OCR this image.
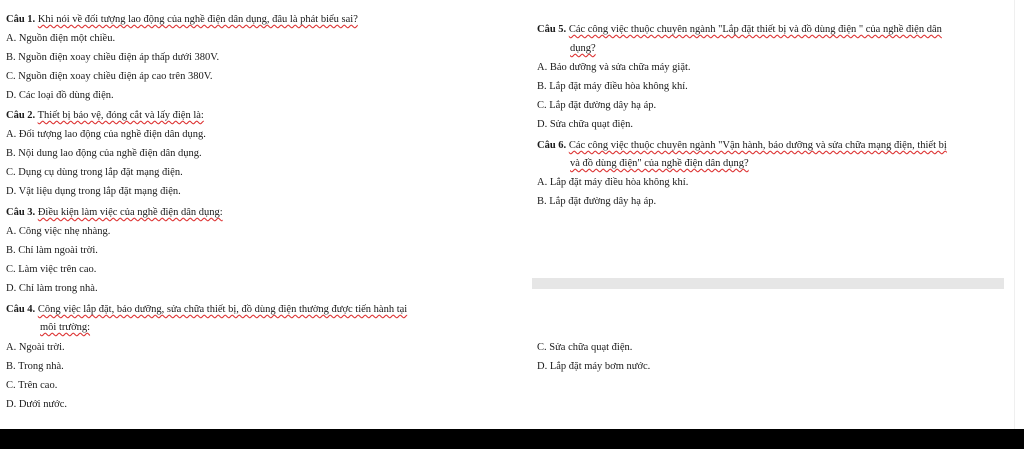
Câu 1. Khi nói về đối tượng lao động của nghề điện dân dụng, đâu là phát biểu sai?
A. Nguồn điện một chiều.
B. Nguồn điện xoay chiều điện áp thấp dưới 380V.
C. Nguồn điện xoay chiều điện áp cao trên 380V.
D. Các loại đồ dùng điện.
Câu 2. Thiết bị bảo vệ, đóng cắt và lấy điện là:
A. Đối tượng lao động của nghề điện dân dụng.
B. Nội dung lao động của nghề điện dân dụng.
C. Dụng cụ dùng trong lắp đặt mạng điện.
D. Vật liệu dụng trong lắp đặt mạng điện.
Câu 3. Điều kiện làm việc của nghề điện dân dụng:
A. Công việc nhẹ nhàng.
B. Chỉ làm ngoài trời.
C. Làm việc trên cao.
D. Chỉ làm trong nhà.
Câu 4. Công việc lắp đặt, bảo dưỡng, sửa chữa thiết bị, đồ dùng điện thường được tiến hành tại
môi trường:
A. Ngoài trời.
B. Trong nhà.
C. Trên cao.
D. Dưới nước.
Câu 5. Các công việc thuộc chuyên ngành "Lắp đặt thiết bị và đồ dùng điện " của nghề điện dân
dụng?
A. Bảo dưỡng và sửa chữa máy giặt.
B. Lắp đặt máy điều hòa không khí.
C. Lắp đặt đường dây hạ áp.
D. Sửa chữa quạt điện.
Câu 6. Các công việc thuộc chuyên ngành "Vận hành, bảo dưỡng và sửa chữa mạng điện, thiết bị
và đồ dùng điện" của nghề điện dân dụng?
A. Lắp đặt máy điều hòa không khí.
B. Lắp đặt đường dây hạ áp.
C. Sửa chữa quạt điện.
D. Lắp đặt máy bơm nước.
